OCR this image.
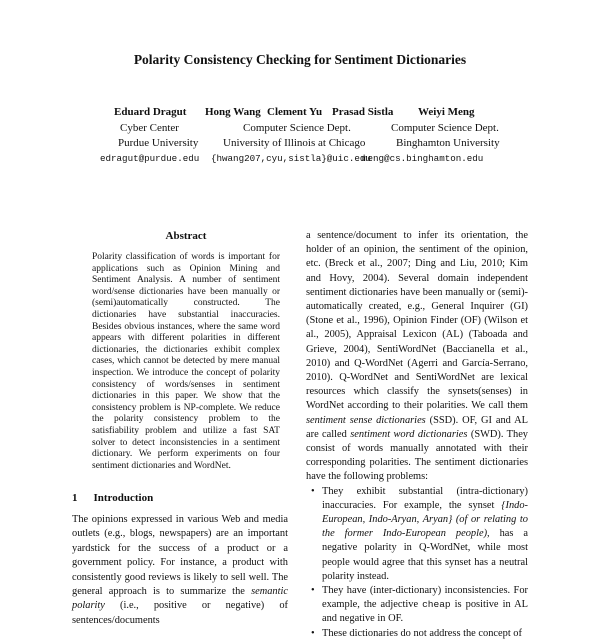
Polarity Consistency Checking for Sentiment Dictionaries
Eduard Dragut Hong Wang Clement Yu Prasad Sistla Weiyi Meng
Cyber Center	Computer Science Dept.	Computer Science Dept.
Purdue University University of Illinois at Chicago	Binghamton University
edragut@purdue.edu {hwang207,cyu,sistla}@uic.edu
meng@cs.binghamton.edu
Abstract
Polarity classification of words is important for applications such as Opinion Mining and Sentiment Analysis. A number of sentiment word/sense dictionaries have been manually or (semi)automatically constructed. The dictionaries have substantial inaccuracies. Besides obvious instances, where the same word appears with different polarities in different dictionaries, the dictionaries exhibit complex cases, which cannot be detected by mere manual inspection. We introduce the concept of polarity consistency of words/senses in sentiment dictionaries in this paper. We show that the consistency problem is NP-complete. We reduce the polarity consistency problem to the satisfiability problem and utilize a fast SAT solver to detect inconsistencies in a sentiment dictionary. We perform experiments on four sentiment dictionaries and WordNet.
1 Introduction
The opinions expressed in various Web and media outlets (e.g., blogs, newspapers) are an important yardstick for the success of a product or a government policy. For instance, a product with consistently good reviews is likely to sell well. The general approach is to summarize the semantic polarity (i.e., positive or negative) of sentences/documents

a sentence/document to infer its orientation, the holder of an opinion, the sentiment of the opinion, etc. (Breck et al., 2007; Ding and Liu, 2010; Kim and Hovy, 2004). Several domain independent sentiment dictionaries have been manually or (semi)-automatically created, e.g., General Inquirer (GI) (Stone et al., 1996), Opinion Finder (OF) (Wilson et al., 2005), Appraisal Lexicon (AL) (Taboada and Grieve, 2004), SentiWordNet (Baccianella et al., 2010) and Q-WordNet (Agerri and García-Serrano, 2010). Q-WordNet and SentiWordNet are lexical resources which classify the synsets(senses) in WordNet according to their polarities. We call them sentiment sense dictionaries (SSD). OF, GI and AL are called sentiment word dictionaries (SWD). They consist of words manually annotated with their corresponding polarities. The sentiment dictionaries have the following problems:

• They exhibit substantial (intra-dictionary) inaccuracies. For example, the synset {Indo-European, Indo-Aryan, Aryan} (of or relating to the former Indo-European people), has a negative polarity in Q-WordNet, while most people would agree that this synset has a neutral polarity instead.
• They have (inter-dictionary) inconsistencies. For example, the adjective cheap is positive in AL and negative in OF.
• These dictionaries do not address the concept of
